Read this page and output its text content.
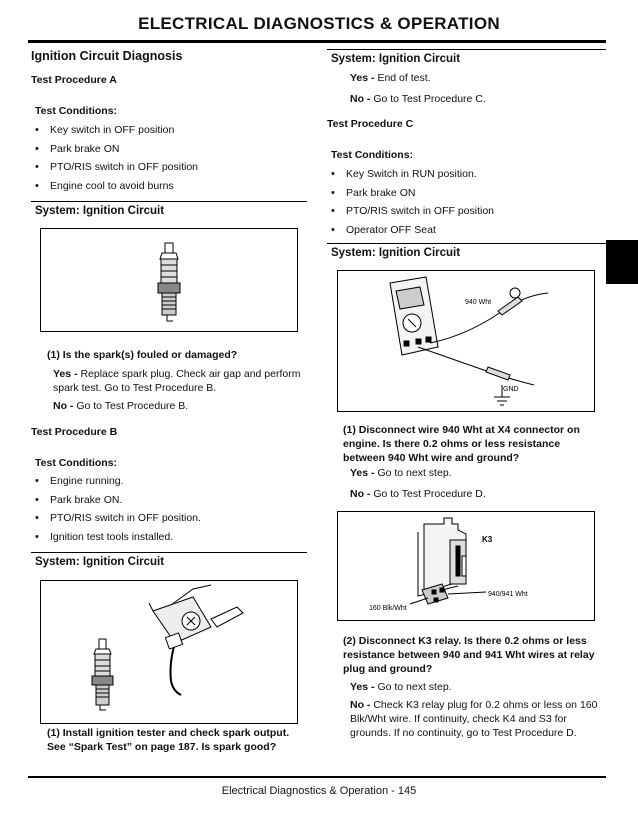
ELECTRICAL DIAGNOSTICS & OPERATION
Ignition Circuit Diagnosis
Test Procedure A
Test Conditions:
• Key switch in OFF position
• Park brake ON
• PTO/RIS switch in OFF position
• Engine cool to avoid burns
System: Ignition Circuit
(1) Is the spark(s) fouled or damaged?
Yes - Replace spark plug. Check air gap and perform
spark test. Go to Test Procedure B.
No - Go to Test Procedure B.
Test Procedure B
Test Conditions:
• Engine running.
• Park brake ON.
• PTO/RIS switch in OFF position.
• Ignition test tools installed.
System: Ignition Circuit
(1) Install ignition tester and check spark output.
See “Spark Test” on page 187. Is spark good?
System: Ignition Circuit
Yes - End of test.
No - Go to Test Procedure C.
Test Procedure C
Test Conditions:
• Key Switch in RUN position.
• Park brake ON
• PTO/RIS switch in OFF position
• Operator OFF Seat
System: Ignition Circuit
940 Wht
GND
(1) Disconnect wire 940 Wht at X4 connector on
engine. Is there 0.2 ohms or less resistance
between 940 Wht wire and ground?
Yes - Go to next step.
No - Go to Test Procedure D.
K3
940/941 Wht
160 Blk/Wht
(2) Disconnect K3 relay. Is there 0.2 ohms or less
resistance between 940 and 941 Wht wires at relay
plug and ground?
Yes - Go to next step.
No - Check K3 relay plug for 0.2 ohms or less on 160
Blk/Wht wire. If continuity, check K4 and S3 for
grounds. If no continuity, go to Test Procedure D.
Electrical Diagnostics & Operation - 145
